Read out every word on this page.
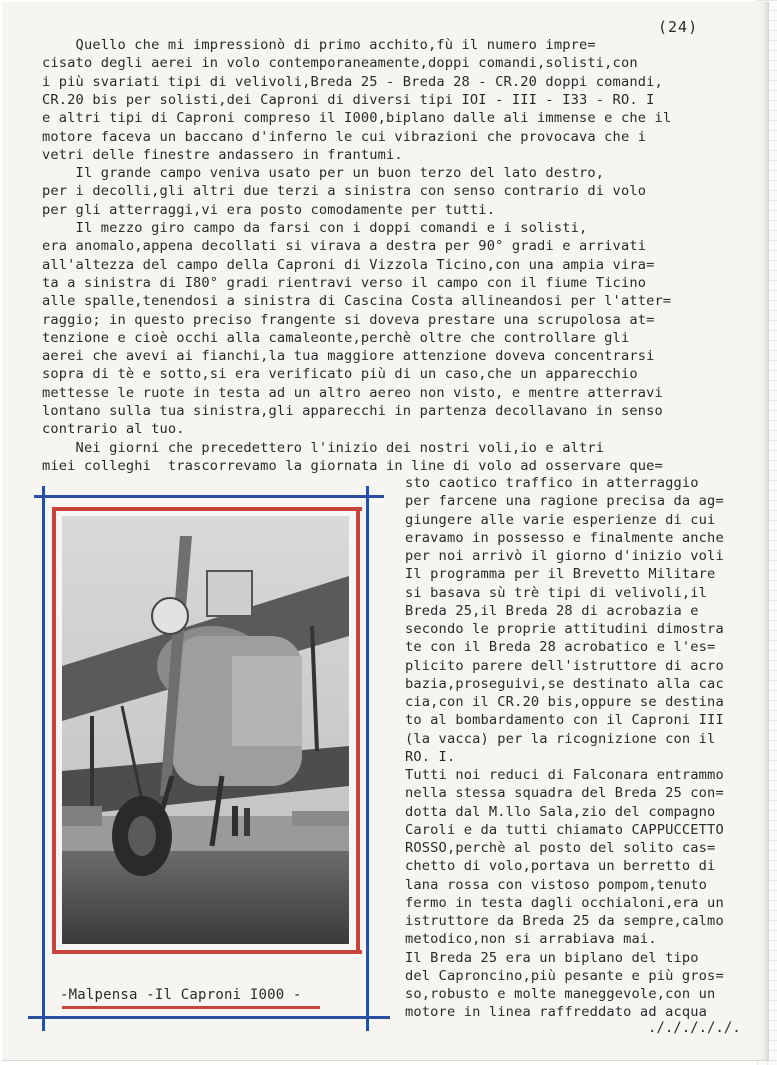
(24)
Quello che mi impressionò di primo acchito,fù il numero impre=
cisato degli aerei in volo contemporaneamente,doppi comandi,solisti,con
i più svariati tipi di velivoli,Breda 25 - Breda 28 - CR.20 doppi comandi,
CR.20 bis per solisti,dei Caproni di diversi tipi IOI - III - I33 - RO. I
e altri tipi di Caproni compreso il I000,biplano dalle ali immense e che il
motore faceva un baccano d'inferno le cui vibrazioni che provocava che i
vetri delle finestre andassero in frantumi.
Il grande campo veniva usato per un buon terzo del lato destro,
per i decolli,gli altri due terzi a sinistra con senso contrario di volo
per gli atterraggi,vi era posto comodamente per tutti.
Il mezzo giro campo da farsi con i doppi comandi e i solisti,
era anomalo,appena decollati si virava a destra per 90° gradi e arrivati
all'altezza del campo della Caproni di Vizzola Ticino,con una ampia vira=
ta a sinistra di I80° gradi rientravi verso il campo con il fiume Ticino
alle spalle,tenendosi a sinistra di Cascina Costa allineandosi per l'atter=
raggio; in questo preciso frangente si doveva prestare una scrupolosa at=
tenzione e cioè occhi alla camaleonte,perchè oltre che controllare gli
aerei che avevi ai fianchi,la tua maggiore attenzione doveva concentrarsi
sopra di tè e sotto,si era verificato più di un caso,che un apparecchio
mettesse le ruote in testa ad un altro aereo non visto, e mentre atterravi
lontano sulla tua sinistra,gli apparecchi in partenza decollavano in senso
contrario al tuo.
Nei giorni che precedettero l'inizio dei nostri voli,io e altri
miei colleghi  trascorrevamo la giornata in line di volo ad osservare que=
sto caotico traffico in atterraggio
per farcene una ragione precisa da ag=
giungere alle varie esperienze di cui
eravamo in possesso e finalmente anche
per noi arrivò il giorno d'inizio voli
Il programma per il Brevetto Militare
si basava sù trè tipi di velivoli,il
Breda 25,il Breda 28 di acrobazia e
secondo le proprie attitudini dimostra
te con il Breda 28 acrobatico e l'es=
plicito parere dell'istruttore di acro
bazia,proseguivi,se destinato alla cac
cia,con il CR.20 bis,oppure se destina
to al bombardamento con il Caproni III
(la vacca) per la ricognizione con il
RO. I.
Tutti noi reduci di Falconara entrammo
nella stessa squadra del Breda 25 con=
dotta dal M.llo Sala,zio del compagno
Caroli e da tutti chiamato CAPPUCCETTO
ROSSO,perchè al posto del solito cas=
chetto di volo,portava un berretto di
lana rossa con vistoso pompom,tenuto
fermo in testa dagli occhialoni,era un
istruttore da Breda 25 da sempre,calmo
metodico,non si arrabiava mai.
Il Breda 25 era un biplano del tipo
del Caproncino,più pesante e più gros=
so,robusto e molte maneggevole,con un
motore in linea raffreddato ad acqua
-Malpensa -Il Caproni I000 -
./././././.
